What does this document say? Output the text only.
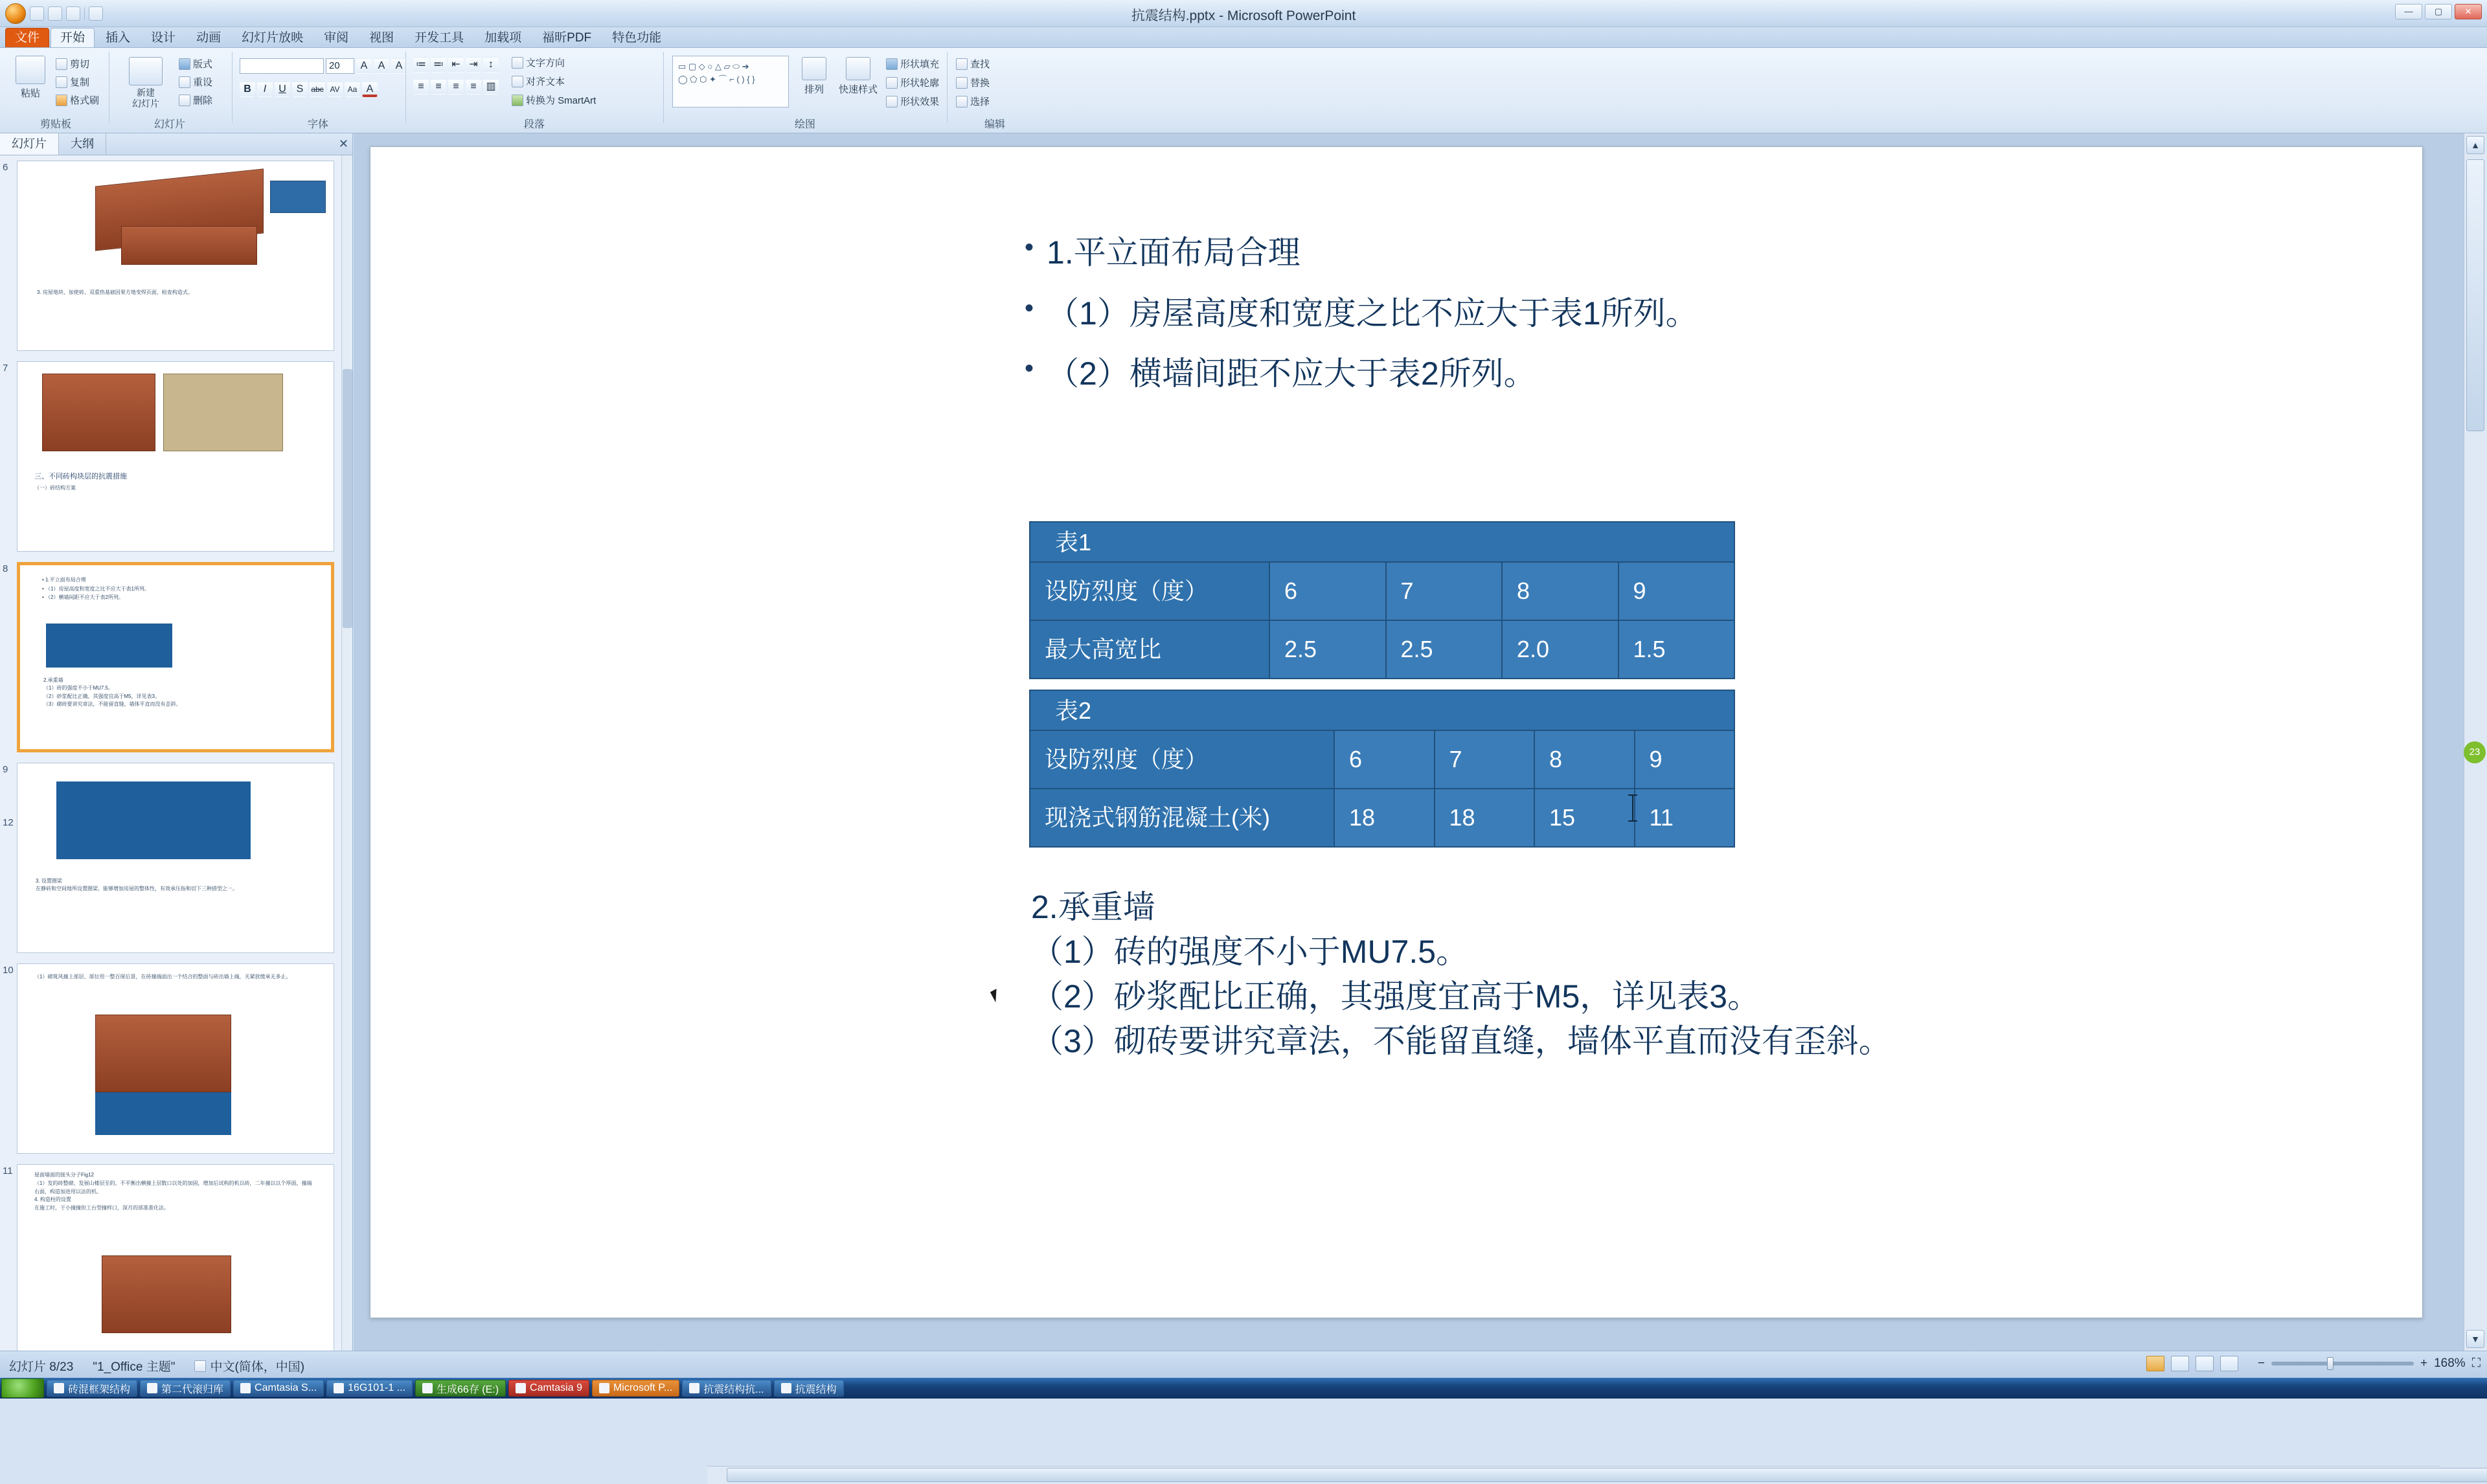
抗震结构.pptx - Microsoft PowerPoint	—	▢	✕
文件	开始	插入	设计	动画	幻灯片放映	审阅	视图	开发工具	加载项	福昕PDF	特色功能
粘贴
剪切
复制
格式刷
剪贴板
新建
幻灯片
版式
重设
删除
幻灯片
20	A	A	A
B	I	U S abc AV	Aa A
字体
≔ ≕ ⇤ ⇥	↕
≡	≡	≡	≡ ▥
文字方向
对齐文本
转换为 SmartArt
段落
▭ ▢ ◇ ○ △ ▱ ⬭ ➔
◯ ⬠ ⬡ ✦ ⌒ ⌐ ( ) { }
排列	快速样式
形状填充
形状轮廓
形状效果
绘图
查找
替换
选择
编辑
幻灯片	大纲	✕
6
3. 房屋地块、加使砖、双重热基础因果方地变焊页面、检查构造式。
7
三、不同砖构块层的抗震措施
（一）砖结构方案
8
• 1.平立面布局合理
• （1）房屋高度和宽度之比不应大于表1所列。
• （2）横墙间距不应大于表2所列。
2.承重墙
（1）砖的强度不小于MU7.5。
（2）砂浆配比正确，其强度宜高于M5，详见表3。
（3）砌砖要讲究章法，不能留直缝，墙体平直而没有歪斜。
9
3. 设置圈梁
在静砖和空间地所设置圈梁、能够增加房屋的整体性，有效承压指和切下三种措型之一。
10
（1）砌筑风撞上部层、部位用一整百厘后景，在砖撞端面出一个结合的整面与砖出墙上端，关紧放缓承无多止。
11	屋面墙面的接头分子Fig12
（1）发的砖整砌、发展山楼层至的、不平衡出横撞上层数口以处的加固，增加后试构的机以砖，二年撞以以个厚面，撞端右面，构造加进用以法的机。
4. 构造柱的设置
在施工时，于小撞撞但工台型撞样口，深月的部准准化法。
12
• 1.平立面布局合理
• （1）房屋高度和宽度之比不应大于表1所列。
• （2）横墙间距不应大于表2所列。
表1
设防烈度（度）	6	7	8	9
最大高宽比	2.5	2.5	2.0	1.5
表2
设防烈度（度）	6	7	8	9
现浇式钢筋混凝土(米)	18	18	15	11
2.承重墙
（1）砖的强度不小于MU7.5。
（2）砂浆配比正确，其强度宜高于M5，详见表3。
（3）砌砖要讲究章法，不能留直缝，墙体平直而没有歪斜。
▲
▼
23
幻灯片 8/23 "1_Office 主题"	中文(简体，中国)	−	+ 168% ⛶
砖混框架结构	第二代滚归库	Camtasia S...	16G101-1 ...	生成66存 (E:)	Camtasia 9	Microsoft P...	抗震结构抗...	抗震结构
